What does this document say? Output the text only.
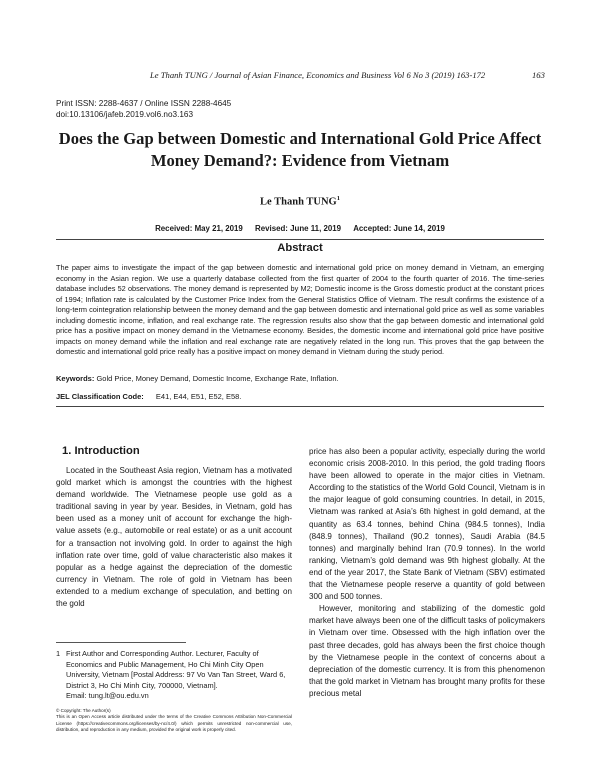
Le Thanh TUNG / Journal of Asian Finance, Economics and Business Vol 6 No 3 (2019) 163-172	163
Print ISSN: 2288-4637 / Online ISSN 2288-4645
doi:10.13106/jafeb.2019.vol6.no3.163
Does the Gap between Domestic and International Gold Price Affect
Money Demand?: Evidence from Vietnam
Le Thanh TUNG$^1$
Received: May 21, 2019 Revised: June 11, 2019 Accepted: June 14, 2019
Abstract
The paper aims to investigate the impact of the gap between domestic and international gold price on money demand in Vietnam, an emerging economy in the Asian region. We use a quarterly database collected from the first quarter of 2004 to the fourth quarter of 2016. The time-series database includes 52 observations. The money demand is represented by M2; Domestic income is the Gross domestic product at the constant prices of 1994; Inflation rate is calculated by the Customer Price Index from the General Statistics Office of Vietnam. The result confirms the existence of a long-term cointegration relationship between the money demand and the gap between domestic and international gold price as well as some variables including domestic income, inflation, and real exchange rate. The regression results also show that the gap between domestic and international gold price has a positive impact on money demand in the Vietnamese economy. Besides, the domestic income and international gold price have positive impacts on money demand while the inflation and real exchange rate are negatively related in the long run. This proves that the gap between the domestic and international gold price really has a positive impact on money demand in Vietnam during the study period.
Keywords: Gold Price, Money Demand, Domestic Income, Exchange Rate, Inflation.
JEL Classification Code: E41, E44, E51, E52, E58.
1. Introduction

Located in the Southeast Asia region, Vietnam has a motivated gold market which is amongst the countries with the highest demand worldwide. The Vietnamese people use gold as a traditional saving in year by year. Besides, in Vietnam, gold has been used as a money unit of account for exchange the high-value assets (e.g., automobile or real estate) or as a unit account for a transaction not involving gold. In order to against the high inflation rate over time, gold of value characteristic also makes it popular as a hedge against the depreciation of the domestic currency in Vietnam. The role of gold in Vietnam has been extended to a medium exchange of speculation, and betting on the gold

price has also been a popular activity, especially during the world economic crisis 2008-2010. In this period, the gold trading floors have been allowed to operate in the major cities in Vietnam. According to the statistics of the World Gold Council, Vietnam is in the major league of gold consuming countries. In detail, in 2015, Vietnam was ranked at Asia’s 6th highest in gold demand, at the quantity as 63.4 tonnes, behind China (984.5 tonnes), India (848.9 tonnes), Thailand (90.2 tonnes), Saudi Arabia (84.5 tonnes) and marginally behind Iran (70.9 tonnes). In the world ranking, Vietnam’s gold demand was 9th highest globally. At the end of the year 2017, the State Bank of Vietnam (SBV) estimated that the Vietnamese people reserve a quantity of gold between 300 and 500 tonnes.

However, monitoring and stabilizing of the domestic gold market have always been one of the difficult tasks of policymakers in Vietnam over time. Obsessed with the high inflation over the past three decades, gold has always been the first choice though by the Vietnamese people in the context of concerns about a depreciation of the domestic currency. It is from this phenomenon that the gold market in Vietnam has brought many profits for these precious metal

1 First Author and Corresponding Author. Lecturer, Faculty of Economics and Public Management, Ho Chi Minh City Open University, Vietnam [Postal Address: 97 Vo Van Tan Street, Ward 6, District 3, Ho Chi Minh City, 700000, Vietnam].
Email: tung.lt@ou.edu.vn
© Copyright: The Author(s)
This is an Open Access article distributed under the terms of the Creative Commons Attribution Non-Commercial License (https://creativecommons.org/licenses/by-nc/4.0/) which permits unrestricted non-commercial use, distribution, and reproduction in any medium, provided the original work is properly cited.
